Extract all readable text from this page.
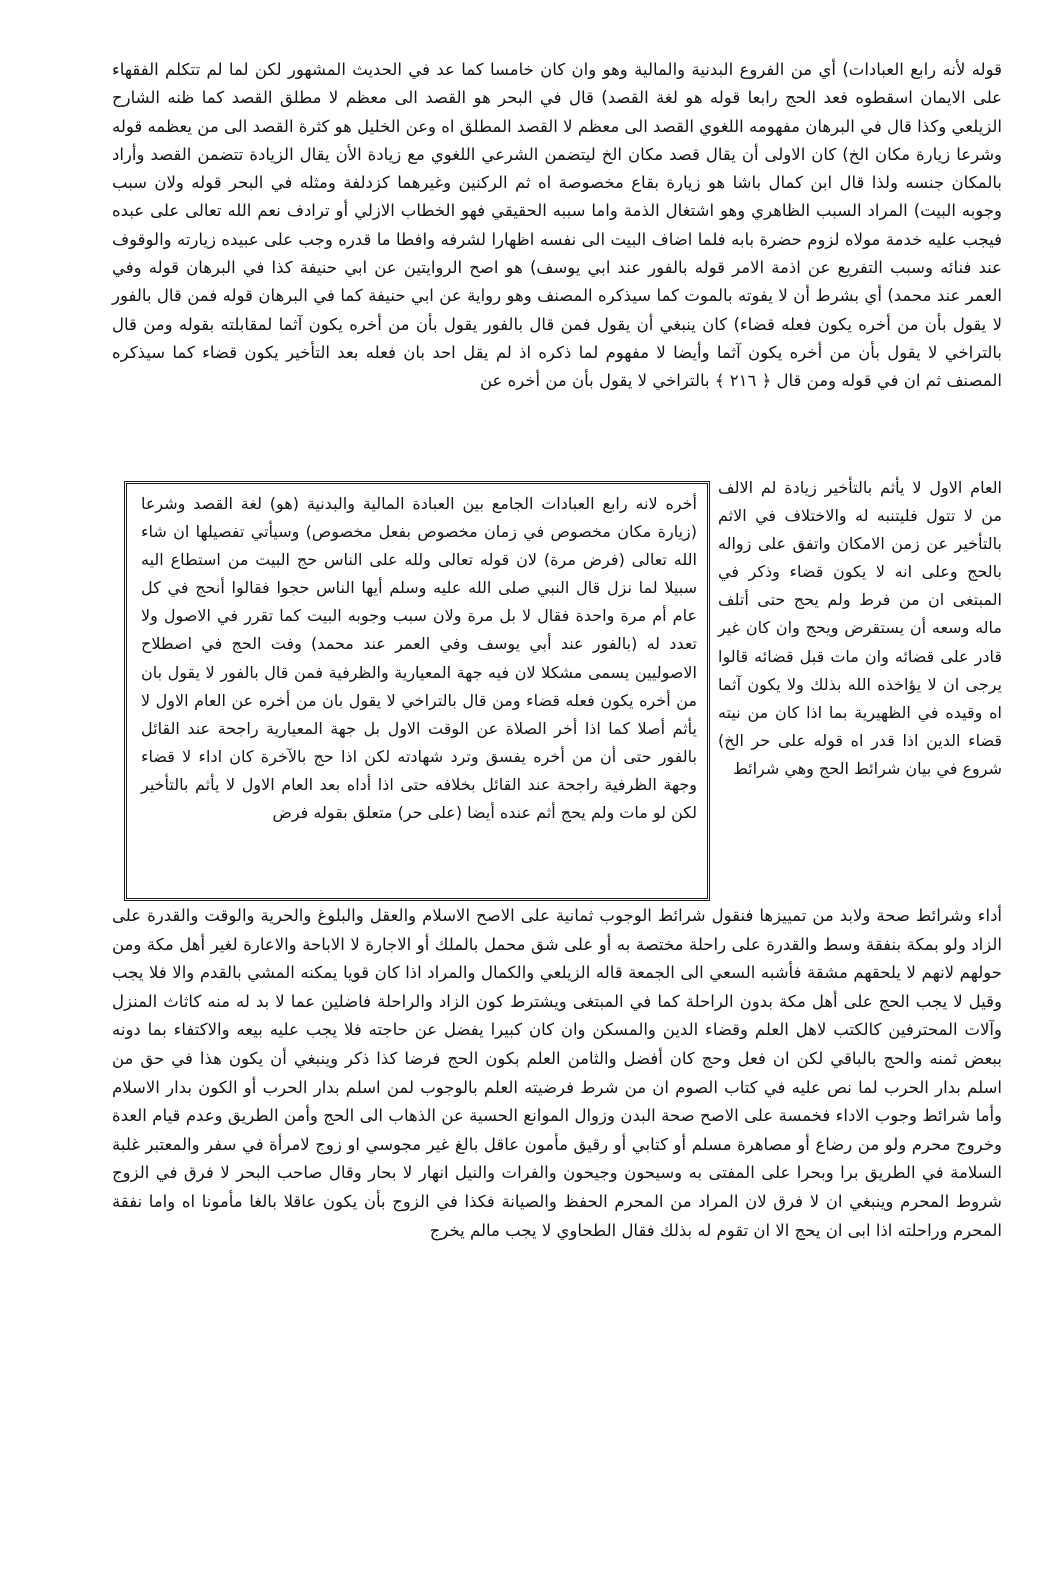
قوله لأنه رابع العبادات) أي من الفروع البدنية والمالية وهو وان كان خامسا كما عد في الحديث المشهور لكن لما لم تتكلم الفقهاء على الايمان اسقطوه فعد الحج رابعا قوله هو لغة القصد) قال في البحر هو القصد الى معظم لا مطلق القصد كما ظنه الشارح الزيلعي وكذا قال في البرهان مفهومه اللغوي القصد الى معظم لا القصد المطلق اه وعن الخليل هو كثرة القصد الى من يعظمه قوله وشرعا زيارة مكان الخ) كان الاولى أن يقال قصد مكان الخ ليتضمن الشرعي اللغوي مع زيادة الأن يقال الزيادة تتضمن القصد وأراد بالمكان جنسه ولذا قال ابن كمال باشا هو زيارة بقاع مخصوصة اه ثم الركنين وغيرهما كزدلفة ومثله في البحر قوله ولان سبب وجوبه البيت) المراد السبب الظاهري وهو اشتغال الذمة واما سببه الحقيقي فهو الخطاب الازلي أو ترادف نعم الله تعالى على عبده فيجب عليه خدمة مولاه لزوم حضرة بابه فلما اضاف البيت الى نفسه اظهارا لشرفه وافطا ما قدره وجب على عبيده زيارته والوقوف عند فنائه وسبب التفريع عن اذمة الامر قوله بالفور عند ابي يوسف) هو اصح الروايتين عن ابي حنيفة كذا في البرهان قوله وفي العمر عند محمد) أي بشرط أن لا يفوته بالموت كما سيذكره المصنف وهو رواية عن ابي حنيفة كما في البرهان قوله فمن قال بالفور لا يقول بأن من أخره يكون فعله قضاء) كان ينبغي أن يقول فمن قال بالفور يقول بأن من أخره يكون آثما لمقابلته بقوله ومن قال بالتراخي لا يقول بأن من أخره يكون آثما وأيضا لا مفهوم لما ذكره اذ لم يقل احد بان فعله بعد التأخير يكون قضاء كما سيذكره المصنف ثم ان في قوله ومن قال ﴿ ٢١٦ ﴾ بالتراخي لا يقول بأن من أخره عن

العام الاول لا يأثم بالتأخير زيادة لم الالف من لا تتول فليتنبه له والاختلاف في الاثم بالتأخير عن زمن الامكان واتفق على زواله بالحج وعلى انه لا يكون قضاء وذكر في المبتغى ان من فرط ولم يحج حتى أتلف ماله وسعه أن يستقرض ويحج وان كان غير قادر على قضائه وان مات قبل قضائه قالوا يرجى ان لا يؤاخذه الله بذلك ولا يكون آثما اه وقيده في الظهيرية بما اذا كان من نيته قضاء الدين اذا قدر اه قوله على حر الخ) شروع في بيان شرائط الحج وهي شرائط

أخره لانه رابع العبادات الجامع بين العبادة المالية والبدنية (هو) لغة القصد وشرعا (زيارة مكان مخصوص في زمان مخصوص بفعل مخصوص) وسيأتي تفصيلها ان شاء الله تعالى (فرض مرة) لان قوله تعالى ولله على الناس حج البيت من استطاع اليه سبيلا لما نزل قال النبي صلى الله عليه وسلم أيها الناس حجوا فقالوا أنحج في كل عام أم مرة واحدة فقال لا بل مرة ولان سبب وجوبه البيت كما تقرر في الاصول ولا تعدد له (بالفور عند أبي يوسف وفي العمر عند محمد) وفت الحج في اصطلاح الاصوليين يسمى مشكلا لان فيه جهة المعيارية والظرفية فمن قال بالفور لا يقول بان من أخره يكون فعله قضاء ومن قال بالتراخي لا يقول بان من أخره عن العام الاول لا يأثم أصلا كما اذا أخر الصلاة عن الوقت الاول بل جهة المعيارية راجحة عند القائل بالفور حتى أن من أخره يفسق وترد شهادته لكن اذا حج بالآخرة كان اداء لا قضاء وجهة الظرفية راجحة عند القائل بخلافه حتى اذا أداه بعد العام الاول لا يأثم بالتأخير لكن لو مات ولم يحج أثم عنده أيضا (على حر) متعلق بقوله فرض

أداء وشرائط صحة ولابد من تمييزها فنقول شرائط الوجوب ثمانية على الاصح الاسلام والعقل والبلوغ والحرية والوقت والقدرة على الزاد ولو بمكة بنفقة وسط والقدرة على راحلة مختصة به أو على شق محمل بالملك أو الاجارة لا الاباحة والاعارة لغير أهل مكة ومن حولهم لانهم لا يلحقهم مشقة فأشبه السعي الى الجمعة قاله الزيلعي والكمال والمراد اذا كان قويا يمكنه المشي بالقدم والا فلا يجب وقيل لا يجب الحج على أهل مكة بدون الراحلة كما في المبتغى ويشترط كون الزاد والراحلة فاضلين عما لا بد له منه كاثاث المنزل وآلات المحترفين كالكتب لاهل العلم وقضاء الدين والمسكن وان كان كبيرا يفضل عن حاجته فلا يجب عليه بيعه والاكتفاء بما دونه ببعض ثمنه والحج بالباقي لكن ان فعل وحج كان أفضل والثامن العلم بكون الحج فرضا كذا ذكر وينبغي أن يكون هذا في حق من اسلم بدار الحرب لما نص عليه في كتاب الصوم ان من شرط فرضيته العلم بالوجوب لمن اسلم بدار الحرب أو الكون بدار الاسلام وأما شرائط وجوب الاداء فخمسة على الاصح صحة البدن وزوال الموانع الحسية عن الذهاب الى الحج وأمن الطريق وعدم قيام العدة وخروج محرم ولو من رضاع أو مصاهرة مسلم أو كتابي أو رقيق مأمون عاقل بالغ غير مجوسي او زوج لامرأة في سفر والمعتبر غلبة السلامة في الطريق برا وبحرا على المفتى به وسيحون وجيحون والفرات والنيل انهار لا بحار وقال صاحب البحر لا فرق في الزوج شروط المحرم وينبغي ان لا فرق لان المراد من المحرم الحفظ والصيانة فكذا في الزوج بأن يكون عاقلا بالغا مأمونا اه واما نفقة المحرم وراحلته اذا ابى ان يحج الا ان تقوم له بذلك فقال الطحاوي لا يجب مالم يخرج
